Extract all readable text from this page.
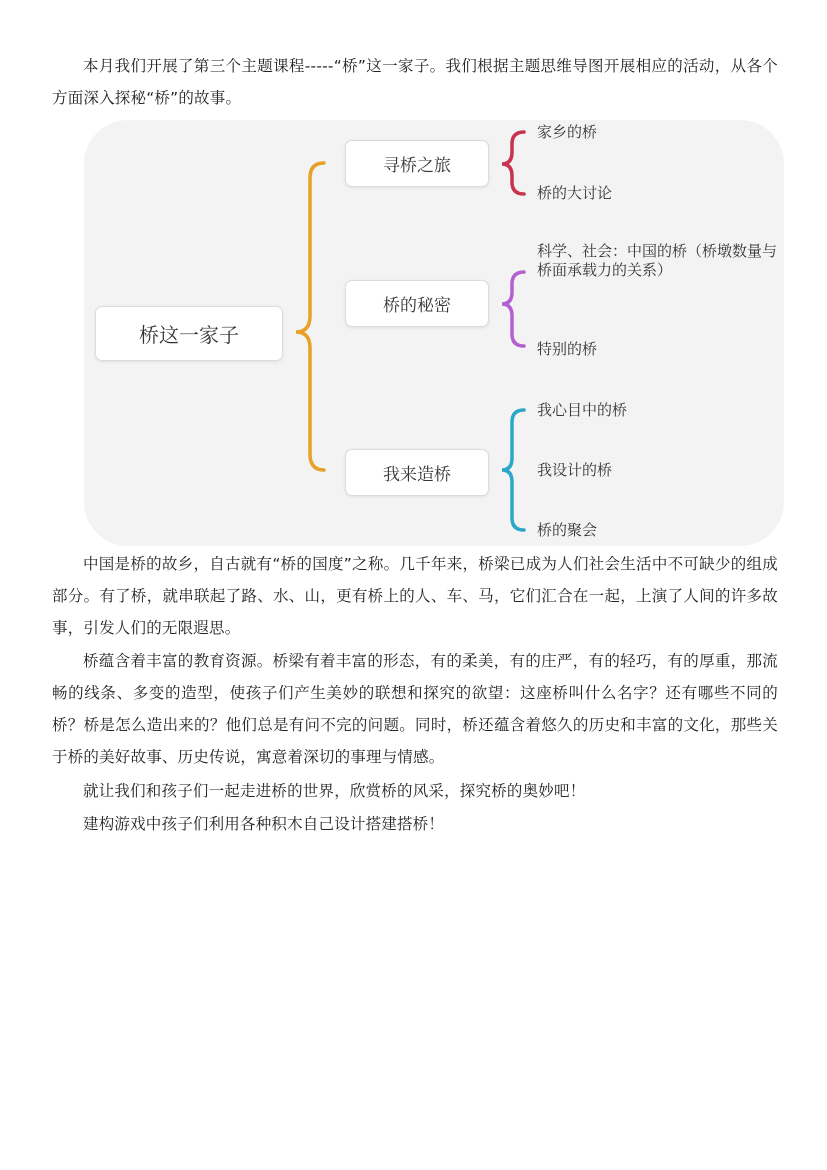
本月我们开展了第三个主题课程-----“桥”这一家子。我们根据主题思维导图开展相应的活动，从各个方面深入探秘“桥”的故事。

桥这一家子
寻桥之旅
桥的秘密
我来造桥
家乡的桥
桥的大讨论
科学、社会：中国的桥（桥墩数量与桥面承载力的关系）
特别的桥
我心目中的桥
我设计的桥
桥的聚会

中国是桥的故乡，自古就有“桥的国度”之称。几千年来，桥梁已成为人们社会生活中不可缺少的组成部分。有了桥，就串联起了路、水、山，更有桥上的人、车、马，它们汇合在一起，上演了人间的许多故事，引发人们的无限遐思。

桥蕴含着丰富的教育资源。桥梁有着丰富的形态，有的柔美，有的庄严，有的轻巧，有的厚重，那流畅的线条、多变的造型，使孩子们产生美妙的联想和探究的欲望：这座桥叫什么名字？还有哪些不同的桥？桥是怎么造出来的？他们总是有问不完的问题。同时，桥还蕴含着悠久的历史和丰富的文化，那些关于桥的美好故事、历史传说，寓意着深切的事理与情感。

就让我们和孩子们一起走进桥的世界，欣赏桥的风采，探究桥的奥妙吧！

建构游戏中孩子们利用各种积木自己设计搭建搭桥！
